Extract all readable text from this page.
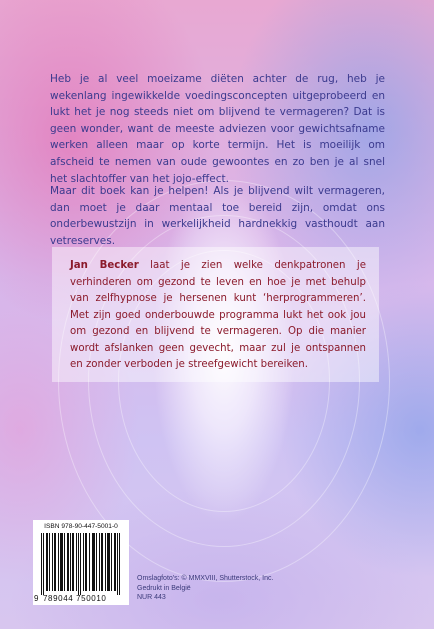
Heb je al veel moeizame diëten achter de rug, heb je wekenlang ingewikkelde voedingsconcepten uitgeprobeerd en lukt het je nog steeds niet om blijvend te vermageren? Dat is geen wonder, want de meeste adviezen voor gewichtsafname werken alleen maar op korte termijn. Het is moeilijk om afscheid te nemen van oude gewoontes en zo ben je al snel het slachtoffer van het jojo-effect.

Maar dit boek kan je helpen! Als je blijvend wilt vermageren, dan moet je daar mentaal toe bereid zijn, omdat ons onderbewustzijn in werkelijkheid hardnekkig vasthoudt aan vetreserves.

Jan Becker laat je zien welke denkpatronen je verhinderen om gezond te leven en hoe je met behulp van zelfhypnose je hersenen kunt ‘herprogrammeren’. Met zijn goed onderbouwde programma lukt het ook jou om gezond en blijvend te vermageren. Op die manier wordt afslanken geen gevecht, maar zul je ontspannen en zonder verboden je streefgewicht bereiken.

ISBN 978-90-447-5001-0
9 789044 750010
Omslagfoto's: © MMXVIII, Shutterstock, Inc.
Gedrukt in België
NUR 443
